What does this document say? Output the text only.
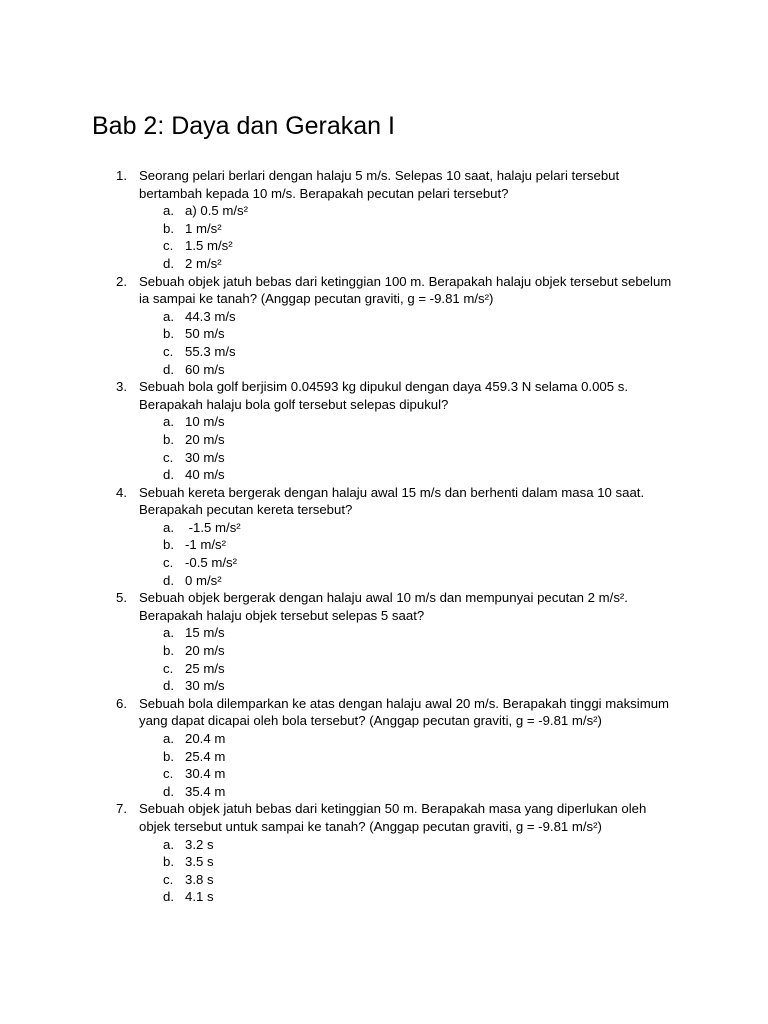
Bab 2: Daya dan Gerakan I
1. Seorang pelari berlari dengan halaju 5 m/s. Selepas 10 saat, halaju pelari tersebut bertambah kepada 10 m/s. Berapakah pecutan pelari tersebut?
a. a) 0.5 m/s²
b. 1 m/s²
c. 1.5 m/s²
d. 2 m/s²
2. Sebuah objek jatuh bebas dari ketinggian 100 m. Berapakah halaju objek tersebut sebelum ia sampai ke tanah? (Anggap pecutan graviti, g = -9.81 m/s²)
a. 44.3 m/s
b. 50 m/s
c. 55.3 m/s
d. 60 m/s
3. Sebuah bola golf berjisim 0.04593 kg dipukul dengan daya 459.3 N selama 0.005 s. Berapakah halaju bola golf tersebut selepas dipukul?
a. 10 m/s
b. 20 m/s
c. 30 m/s
d. 40 m/s
4. Sebuah kereta bergerak dengan halaju awal 15 m/s dan berhenti dalam masa 10 saat. Berapakah pecutan kereta tersebut?
a. -1.5 m/s²
b. -1 m/s²
c. -0.5 m/s²
d. 0 m/s²
5. Sebuah objek bergerak dengan halaju awal 10 m/s dan mempunyai pecutan 2 m/s². Berapakah halaju objek tersebut selepas 5 saat?
a. 15 m/s
b. 20 m/s
c. 25 m/s
d. 30 m/s
6. Sebuah bola dilemparkan ke atas dengan halaju awal 20 m/s. Berapakah tinggi maksimum yang dapat dicapai oleh bola tersebut? (Anggap pecutan graviti, g = -9.81 m/s²)
a. 20.4 m
b. 25.4 m
c. 30.4 m
d. 35.4 m
7. Sebuah objek jatuh bebas dari ketinggian 50 m. Berapakah masa yang diperlukan oleh objek tersebut untuk sampai ke tanah? (Anggap pecutan graviti, g = -9.81 m/s²)
a. 3.2 s
b. 3.5 s
c. 3.8 s
d. 4.1 s
